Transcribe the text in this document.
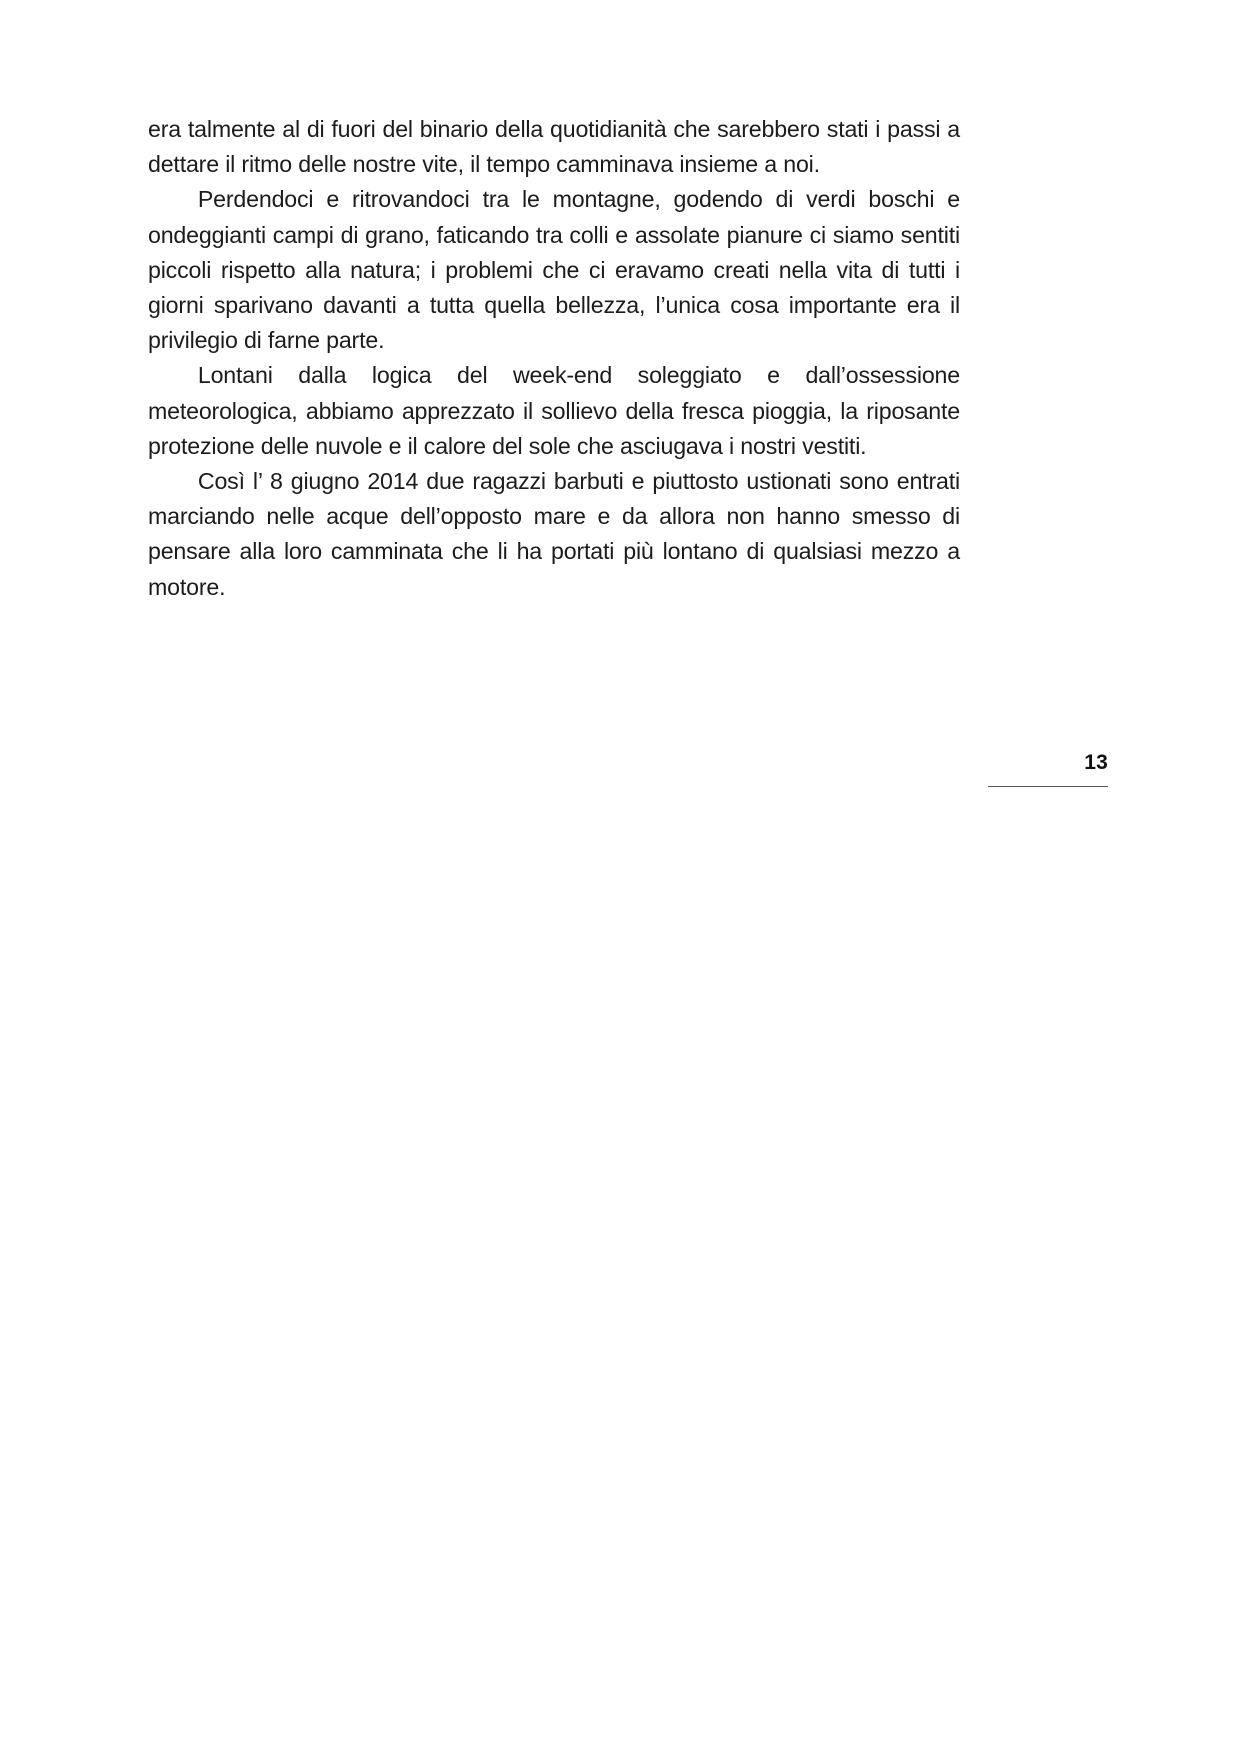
era talmente al di fuori del binario della quotidianità che sarebbero stati i passi a dettare il ritmo delle nostre vite, il tempo camminava insieme a noi.

Perdendoci e ritrovandoci tra le montagne, godendo di verdi boschi e ondeggianti campi di grano, faticando tra colli e assolate pianure ci siamo sentiti piccoli rispetto alla natura; i problemi che ci eravamo creati nella vita di tutti i giorni sparivano davanti a tutta quella bellezza, l’unica cosa importante era il privilegio di farne parte.

Lontani dalla logica del week-end soleggiato e dall’ossessione meteorologica, abbiamo apprezzato il sollievo della fresca pioggia, la riposante protezione delle nuvole e il calore del sole che asciugava i nostri vestiti.

Così l’ 8 giugno 2014 due ragazzi barbuti e piuttosto ustionati sono entrati marciando nelle acque dell’opposto mare e da allora non hanno smesso di pensare alla loro camminata che li ha portati più lontano di qualsiasi mezzo a motore.

13
